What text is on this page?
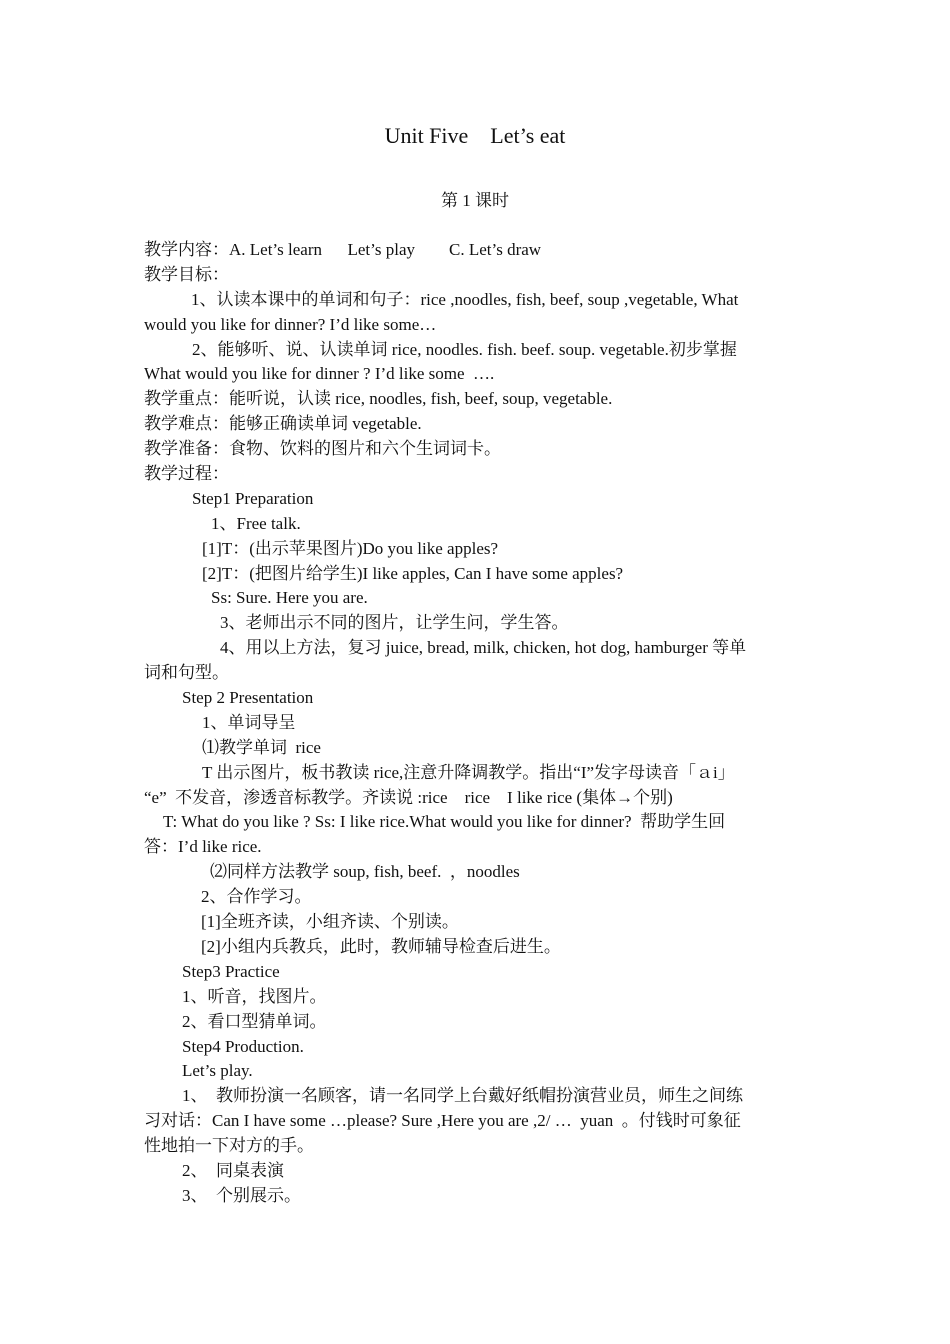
Unit Five    Let’s eat
第 1 课时
教学内容：A. Let’s learn      Let’s play        C. Let’s draw
教学目标：
1、认读本课中的单词和句子：rice ,noodles, fish, beef, soup ,vegetable, What
would you like for dinner? I’d like some…
2、能够听、说、认读单词 rice, noodles. fish. beef. soup. vegetable.初步掌握
What would you like for dinner ? I’d like some  ….
教学重点：能听说，认读 rice, noodles, fish, beef, soup, vegetable.
教学难点：能够正确读单词 vegetable.
教学准备：食物、饮料的图片和六个生词词卡。
教学过程：
Step1 Preparation
1、Free talk.
[1]T：(出示苹果图片)Do you like apples?
[2]T：(把图片给学生)I like apples, Can I have some apples?
Ss: Sure. Here you are.
3、老师出示不同的图片，让学生问，学生答。
4、用以上方法，复习 juice, bread, milk, chicken, hot dog, hamburger 等单
词和句型。
Step 2 Presentation
1、单词导呈
⑴教学单词  rice
T 出示图片，板书教读 rice,注意升降调教学。指出“I”发字母读音「ａi」
“e”  不发音，渗透音标教学。齐读说 :rice    rice    I like rice (集体→个别)
T: What do you like ? Ss: I like rice.What would you like for dinner?  帮助学生回
答：I’d like rice.
⑵同样方法教学 soup, fish, beef.  ，noodles
2、合作学习。
[1]全班齐读，小组齐读、个别读。
[2]小组内兵教兵，此时，教师辅导检查后进生。
Step3 Practice
1、听音，找图片。
2、看口型猜单词。
Step4 Production.
Let’s play.
1、  教师扮演一名顾客，请一名同学上台戴好纸帽扮演营业员，师生之间练
习对话：Can I have some …please? Sure ,Here you are ,2/ …  yuan  。付钱时可象征
性地拍一下对方的手。
2、  同桌表演
3、  个别展示。
